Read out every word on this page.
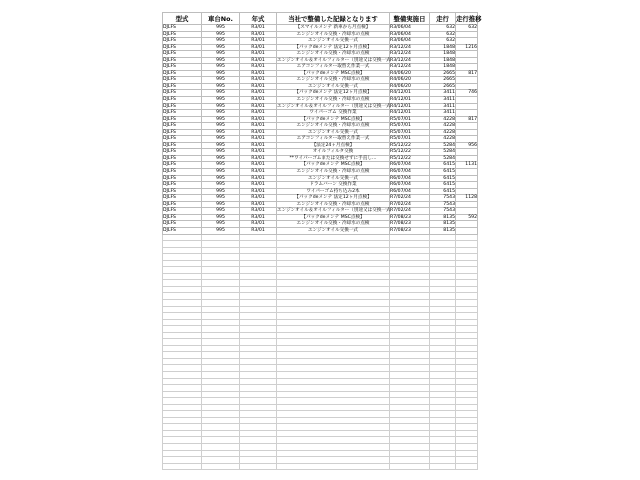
型式	車台No.	年式	当社で整備した記録となります	整備実施日	走行	走行推移
DJLFS	995	R3/01	【スマイルメンテ 新車から月点検】	R3/06/04	632	632
DJLFS	995	R3/01	エンジンオイル交換・冷却水の点検	R3/06/04	632	
DJLFS	995	R3/01	エンジンオイル交換一式	R3/06/04	632	
DJLFS	995	R3/01	【パックdeメンテ 法定12ヶ月点検】	R3/12/24	1848	1216
DJLFS	995	R3/01	エンジンオイル交換・冷却水の点検	R3/12/24	1848	
DJLFS	995	R3/01	エンジンオイル＆オイルフィルター（別途又は交換一式	R3/12/24	1848	
DJLFS	995	R3/01	エアコンフィルター取替え作業一式	R3/12/24	1848	
DJLFS	995	R3/01	【パックdeメンテ MSC点検】	R4/06/20	2665	817
DJLFS	995	R3/01	エンジンオイル交換・冷却水の点検	R4/06/20	2665	
DJLFS	995	R3/01	エンジンオイル交換一式	R4/06/20	2665	
DJLFS	995	R3/01	【パックdeメンテ 法定12ヶ月点検】	R4/12/01	3411	746
DJLFS	995	R3/01	エンジンオイル交換・冷却水の点検	R4/12/01	3411	
DJLFS	995	R3/01	エンジンオイル＆オイルフィルター（別途又は交換一式	R4/12/01	3411	
DJLFS	995	R3/01	ワイパーゴム 交換作業	R4/12/01	3411	
DJLFS	995	R3/01	【パックdeメンテ MSC点検】	R5/07/01	4228	817
DJLFS	995	R3/01	エンジンオイル交換・冷却水の点検	R5/07/01	4228	
DJLFS	995	R3/01	エンジンオイル交換一式	R5/07/01	4228	
DJLFS	995	R3/01	エアコンフィルター取替え作業一式	R5/07/01	4228	
DJLFS	995	R3/01	【法定24ヶ月点検】	R5/12/22	5284	956
DJLFS	995	R3/01	オイルフィルタ交換	R5/12/22	5284	
DJLFS	995	R3/01	**ワイパーゴムまたは交換せずに手直し…	R5/12/22	5284	
DJLFS	995	R3/01	【パックdeメンテ MSC点検】	R6/07/04	6415	1131
DJLFS	995	R3/01	エンジンオイル交換・冷却水の点検	R6/07/04	6415	
DJLFS	995	R3/01	エンジンオイル交換一式	R6/07/04	6415	
DJLFS	995	R3/01	ドラムバーン 交換作業	R6/07/04	6415	
DJLFS	995	R3/01	ワイパーゴム持ち込み2本	R6/07/04	6415	
DJLFS	995	R3/01	【パックdeメンテ 法定12ヶ月点検】	R7/02/24	7543	1128
DJLFS	995	R3/01	エンジンオイル交換・冷却水の点検	R7/02/24	7543	
DJLFS	995	R3/01	エンジンオイル＆オイルフィルター（別途又は交換一式	R7/02/24	7543	
DJLFS	995	R3/01	【パックdeメンテ MSC点検】	R7/08/23	8135	592
DJLFS	995	R3/01	エンジンオイル交換・冷却水の点検	R7/08/23	8135	
DJLFS	995	R3/01	エンジンオイル交換一式	R7/08/23	8135	
